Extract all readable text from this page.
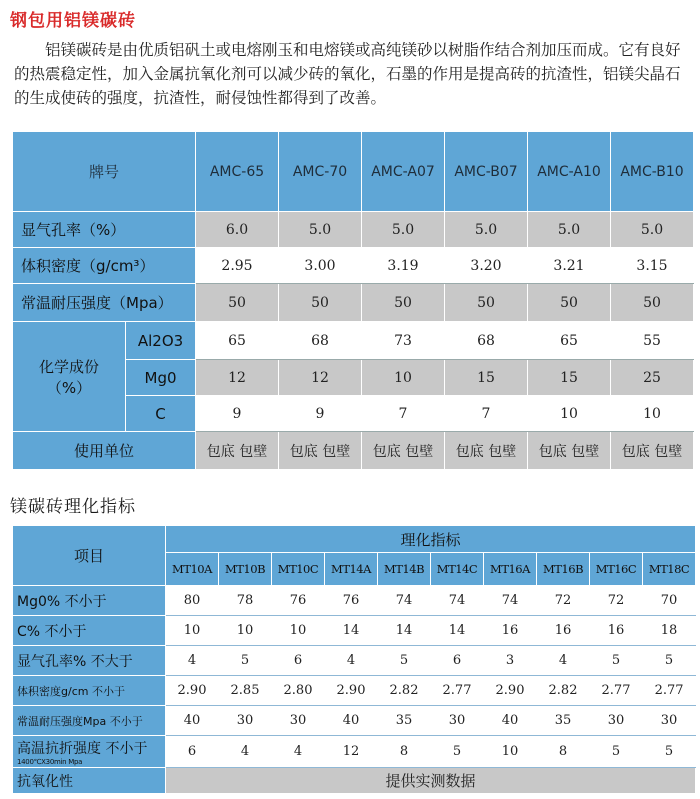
钢包用铝镁碳砖
铝镁碳砖是由优质铝矾土或电熔刚玉和电熔镁或高纯镁砂以树脂作结合剂加压而成。它有良好的热震稳定性，加入金属抗氧化剂可以减少砖的氧化，石墨的作用是提高砖的抗渣性，铝镁尖晶石的生成使砖的强度，抗渣性，耐侵蚀性都得到了改善。
牌号		AMC-65	AMC-70	AMC-A07	AMC-B07	AMC-A10	AMC-B10
显气孔率（%）		6.0	5.0	5.0	5.0	5.0	5.0
体积密度（g/cm³）		2.95	3.00	3.19	3.20	3.21	3.15
常温耐压强度（Mpa）		50	50	50	50	50	50
化学成份
（%）	Al2O3	65	68	73	68	65	55
	Mg0	12	12	10	15	15	25
	C	9	9	7	7	10	10
使用单位		包底 包壁	包底 包壁	包底 包壁	包底 包壁	包底 包壁	包底 包壁
镁碳砖理化指标
项目	理化指标									
	MT10A	MT10B	MT10C	MT14A	MT14B	MT14C	MT16A	MT16B	MT16C	MT18C
Mg0% 不小于	80	78	76	76	74	74	74	72	72	70
C% 不小于	10	10	10	14	14	14	16	16	16	18
显气孔率% 不大于	4	5	6	4	5	6	3	4	5	5
体积密度g/cm 不小于	2.90	2.85	2.80	2.90	2.82	2.77	2.90	2.82	2.77	2.77
常温耐压强度Mpa 不小于	40	30	30	40	35	30	40	35	30	30
高温抗折强度 不小于
1400℃X30min Mpa	6	4	4	12	8	5	10	8	5	5
抗氧化性	提供实测数据									
